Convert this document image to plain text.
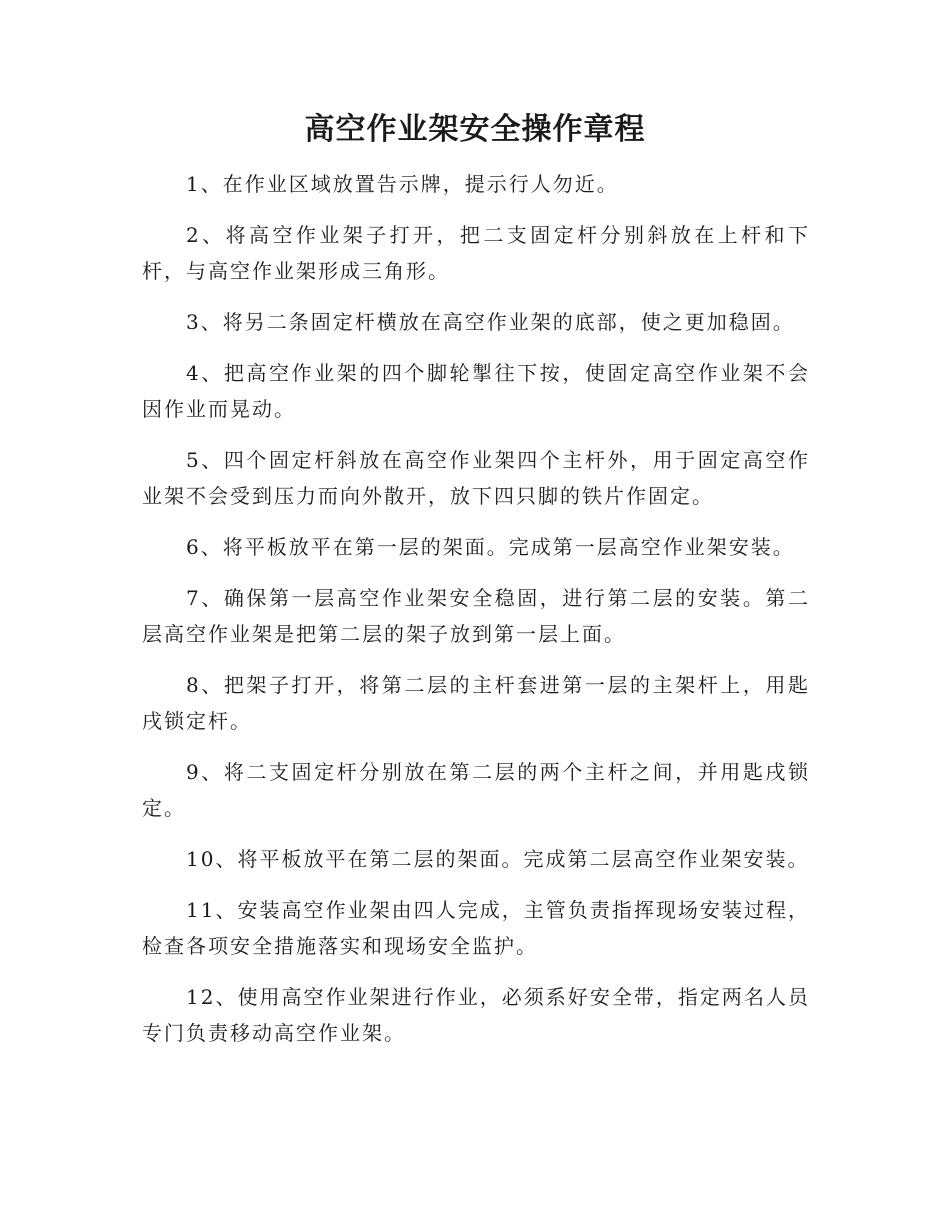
高空作业架安全操作章程

1、在作业区域放置告示牌，提示行人勿近。

2、将高空作业架子打开，把二支固定杆分别斜放在上杆和下杆，与高空作业架形成三角形。

3、将另二条固定杆横放在高空作业架的底部，使之更加稳固。

4、把高空作业架的四个脚轮掣往下按，使固定高空作业架不会因作业而晃动。

5、四个固定杆斜放在高空作业架四个主杆外，用于固定高空作业架不会受到压力而向外散开，放下四只脚的铁片作固定。

6、将平板放平在第一层的架面。完成第一层高空作业架安装。

7、确保第一层高空作业架安全稳固，进行第二层的安装。第二层高空作业架是把第二层的架子放到第一层上面。

8、把架子打开，将第二层的主杆套进第一层的主架杆上，用匙戌锁定杆。

9、将二支固定杆分别放在第二层的两个主杆之间，并用匙戌锁定。

10、将平板放平在第二层的架面。完成第二层高空作业架安装。

11、安装高空作业架由四人完成，主管负责指挥现场安装过程，检查各项安全措施落实和现场安全监护。

12、使用高空作业架进行作业，必须系好安全带，指定两名人员专门负责移动高空作业架。
